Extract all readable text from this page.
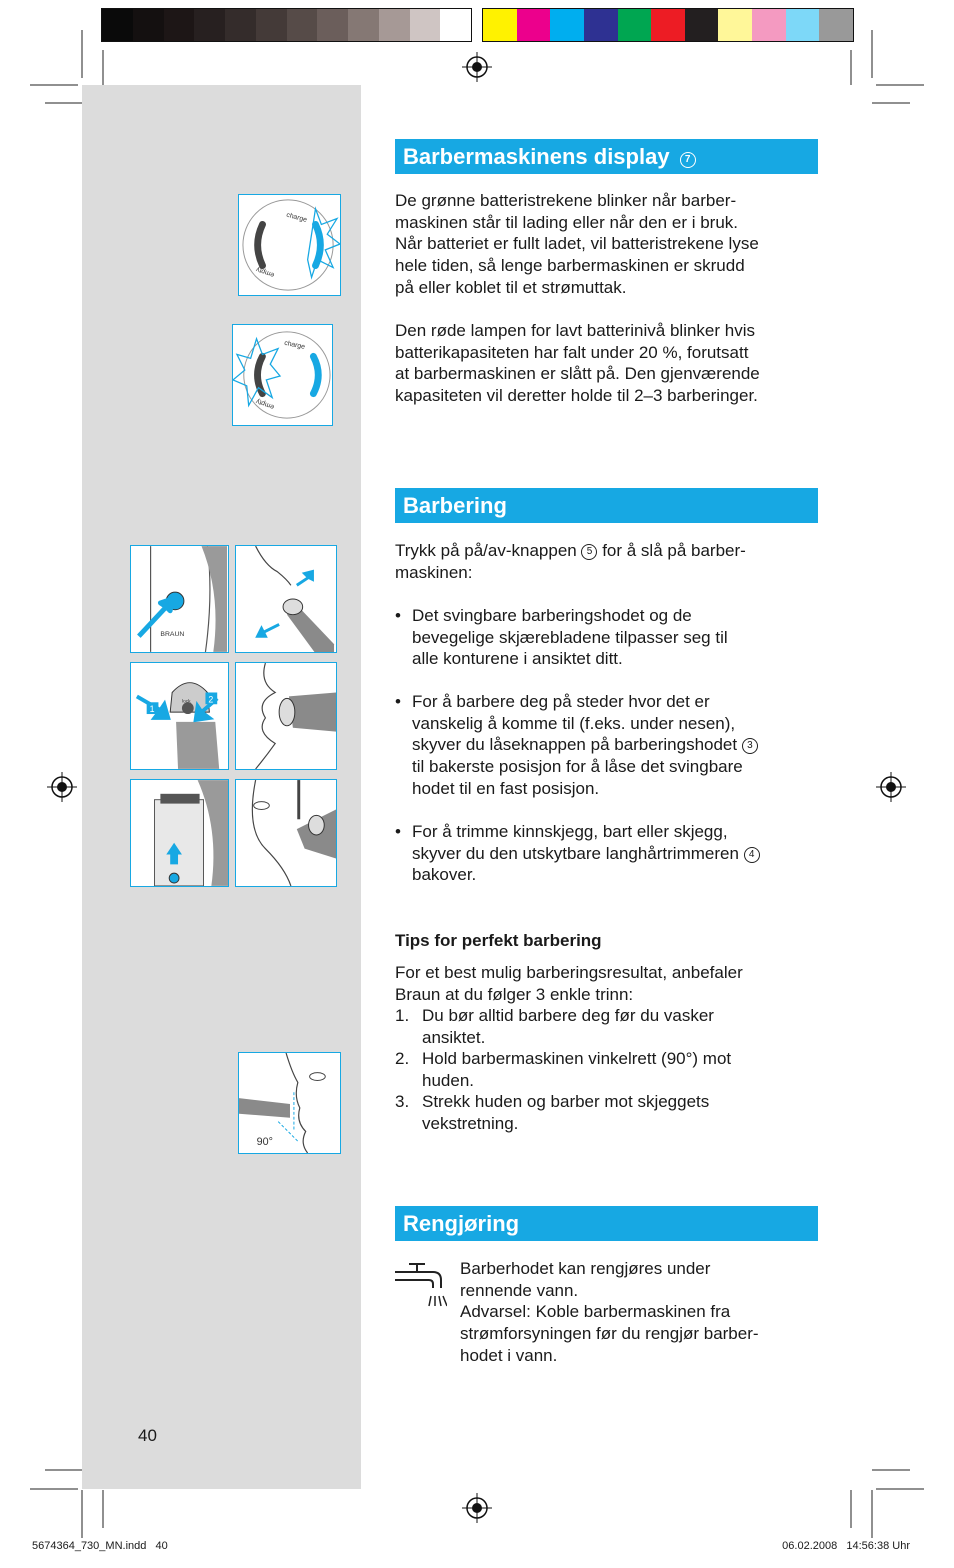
charge
empty
charge
empty
BRAUN
1
2
lock
90°
Barbermaskinens display 7
De grønne batteristrekene blinker når barber-
maskinen står til lading eller når den er i bruk.
Når batteriet er fullt ladet, vil batteristrekene lyse
hele tiden, så lenge barbermaskinen er skrudd
på eller koblet til et strømuttak.
Den røde lampen for lavt batterinivå blinker hvis
batterikapasiteten har falt under 20 %, forutsatt
at barbermaskinen er slått på. Den gjenværende
kapasiteten vil deretter holde til 2–3 barberinger.
Barbering
Trykk på på/av-knappen 5 for å slå på barber-
maskinen:
• Det svingbare barberingshodet og de
bevegelige skjærebladene tilpasser seg til
alle konturene i ansiktet ditt.
• For å barbere deg på steder hvor det er
vanskelig å komme til (f.eks. under nesen),
skyver du låseknappen på barberingshodet 3
til bakerste posisjon for å låse det svingbare
hodet til en fast posisjon.
• For å trimme kinnskjegg, bart eller skjegg,
skyver du den utskytbare langhårtrimmeren 4
bakover.
Tips for perfekt barbering
For et best mulig barberingsresultat, anbefaler
Braun at du følger 3 enkle trinn:
1. Du bør alltid barbere deg før du vasker
ansiktet.
2. Hold barbermaskinen vinkelrett (90°) mot
huden.
3. Strekk huden og barber mot skjeggets
vekstretning.
Rengjøring
Barberhodet kan rengjøres under
rennende vann.
Advarsel: Koble barbermaskinen fra
strømforsyningen før du rengjør barber-
hodet i vann.
40
5674364_730_MN.indd   40	06.02.2008   14:56:38 Uhr
